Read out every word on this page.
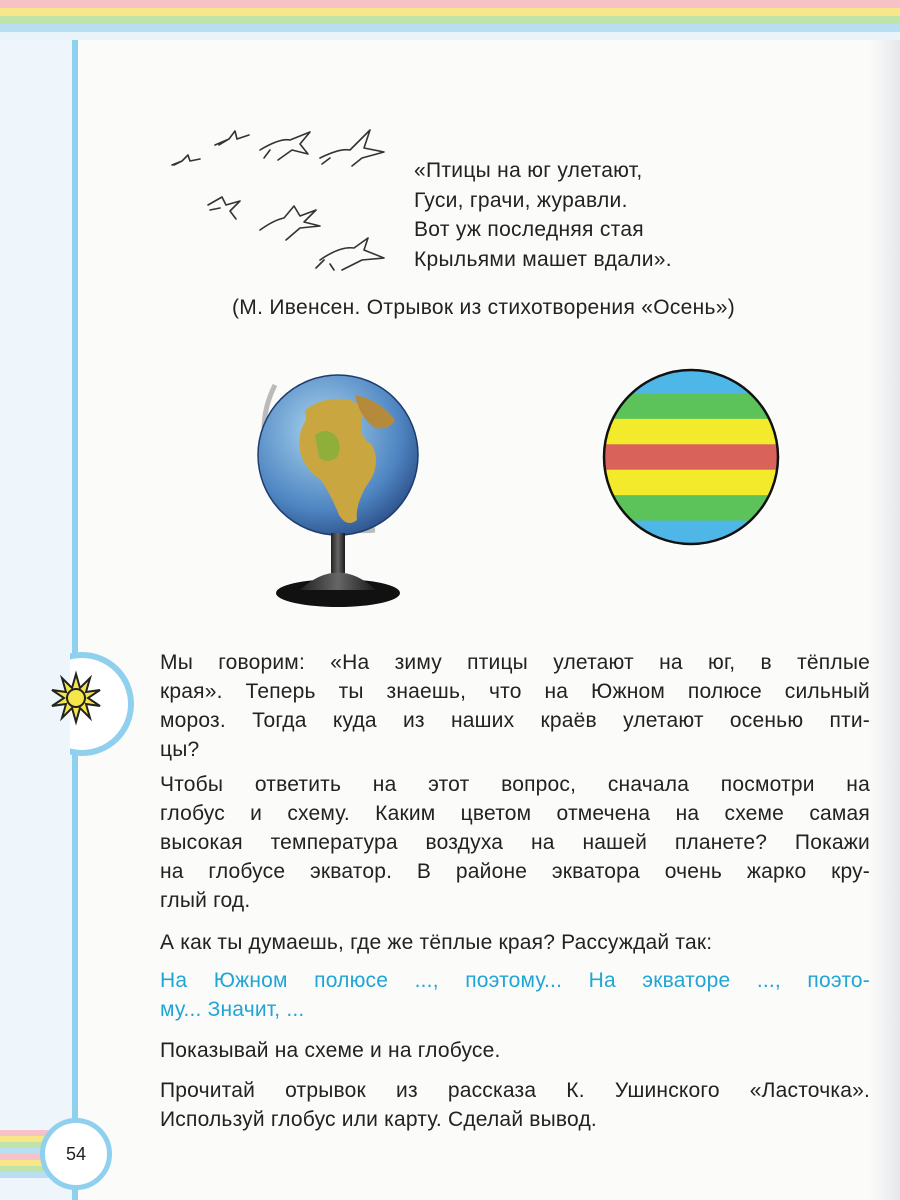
«Птицы на юг улетают,
Гуси, грачи, журавли.
Вот уж последняя стая
Крыльями машет вдали».
(М. Ивенсен. Отрывок из стихотворения «Осень»)
Мы говорим: «На зиму птицы улетают на юг, в тёплые
края». Теперь ты знаешь, что на Южном полюсе сильный
мороз. Тогда куда из наших краёв улетают осенью пти-
цы?
Чтобы ответить на этот вопрос, сначала посмотри на
глобус и схему. Каким цветом отмечена на схеме самая
высокая температура воздуха на нашей планете? Покажи
на глобусе экватор. В районе экватора очень жарко кру-
глый год.
А как ты думаешь, где же тёплые края? Рассуждай так:
На Южном полюсе ..., поэтому... На экваторе ..., поэто-
му... Значит, ...
Показывай на схеме и на глобусе.
Прочитай отрывок из рассказа К. Ушинского «Ласточка».
Используй глобус или карту. Сделай вывод.
54
